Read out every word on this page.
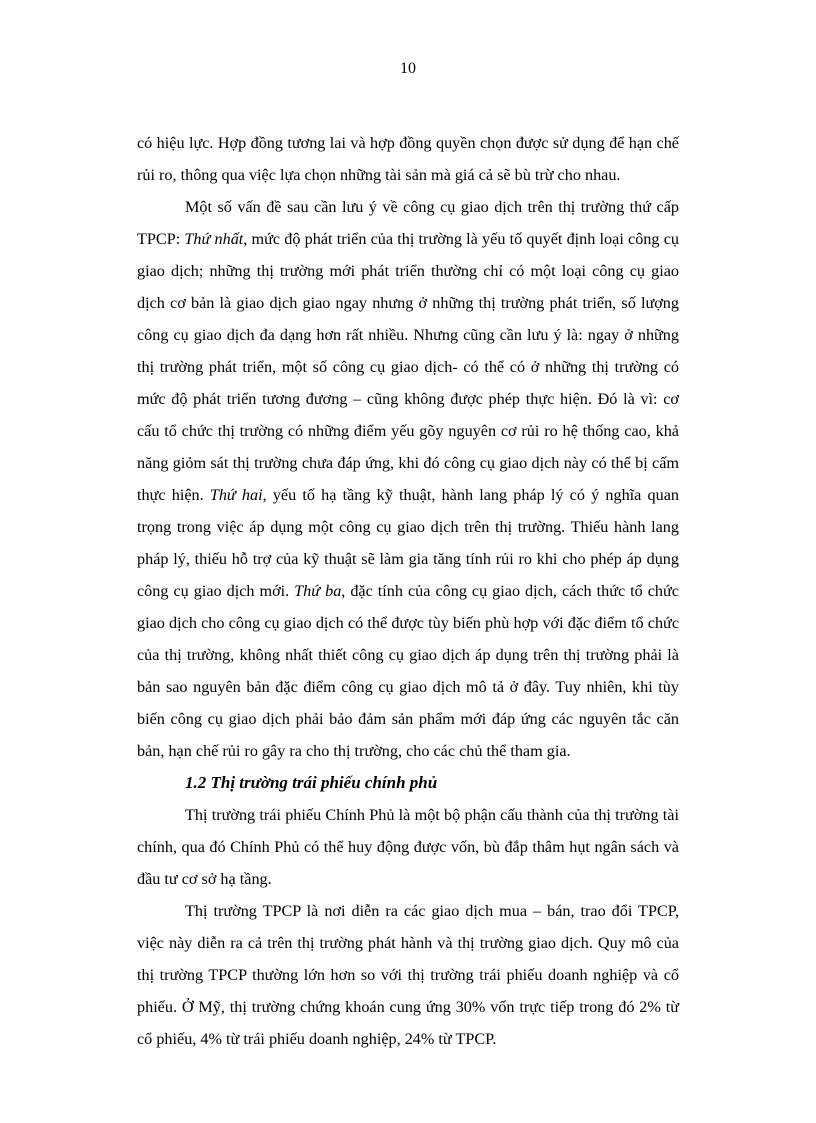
10

có hiệu lực. Hợp đồng tương lai và hợp đồng quyền chọn được sử dụng để hạn chế rủi ro, thông qua việc lựa chọn những tài sản mà giá cả sẽ bù trừ cho nhau.

Một số vấn đề sau cần lưu ý về công cụ giao dịch trên thị trường thứ cấp TPCP: Thứ nhất, mức độ phát triển của thị trường là yếu tố quyết định loại công cụ giao dịch; những thị trường mới phát triển thường chỉ có một loại công cụ giao dịch cơ bản là giao dịch giao ngay nhưng ở những thị trường phát triển, số lượng công cụ giao dịch đa dạng hơn rất nhiều. Nhưng cũng cần lưu ý là: ngay ở những thị trường phát triển, một số công cụ giao dịch- có thể có ở những thị trường có mức độ phát triển tương đương – cũng không được phép thực hiện. Đó là vì: cơ cấu tổ chức thị trường có những điểm yếu gõy nguyên cơ rủi ro hệ thống cao, khả năng giỏm sát thị trường chưa đáp ứng, khi đó công cụ giao dịch này có thể bị cấm thực hiện. Thứ hai, yếu tố hạ tầng kỹ thuật, hành lang pháp lý có ý nghĩa quan trọng trong việc áp dụng một công cụ giao dịch trên thị trường. Thiếu hành lang pháp lý, thiếu hỗ trợ của kỹ thuật sẽ làm gia tăng tính rủi ro khi cho phép áp dụng công cụ giao dịch mới. Thứ ba, đặc tính của công cụ giao dịch, cách thức tổ chức giao dịch cho công cụ giao dịch có thể được tùy biến phù hợp với đặc điểm tổ chức của thị trường, không nhất thiết công cụ giao dịch áp dụng trên thị trường phải là bản sao nguyên bản đặc điểm công cụ giao dịch mô tả ở đây. Tuy nhiên, khi tùy biến công cụ giao dịch phải bảo đảm sản phẩm mới đáp ứng các nguyên tắc căn bản, hạn chế rủi ro gây ra cho thị trường, cho các chủ thể tham gia.

1.2 Thị trường trái phiếu chính phủ

Thị trường trái phiếu Chính Phủ là một bộ phận cấu thành của thị trường tài chính, qua đó Chính Phủ có thể huy động được vốn, bù đắp thâm hụt ngân sách và đầu tư cơ sở hạ tầng.

Thị trường TPCP là nơi diễn ra các giao dịch mua – bán, trao đổi TPCP, việc này diễn ra cả trên thị trường phát hành và thị trường giao dịch. Quy mô của thị trường TPCP thường lớn hơn so với thị trường trái phiếu doanh nghiệp và cổ phiếu. Ở Mỹ, thị trường chứng khoán cung ứng 30% vốn trực tiếp trong đó 2% từ cổ phiếu, 4% từ trái phiếu doanh nghiệp, 24% từ TPCP.
